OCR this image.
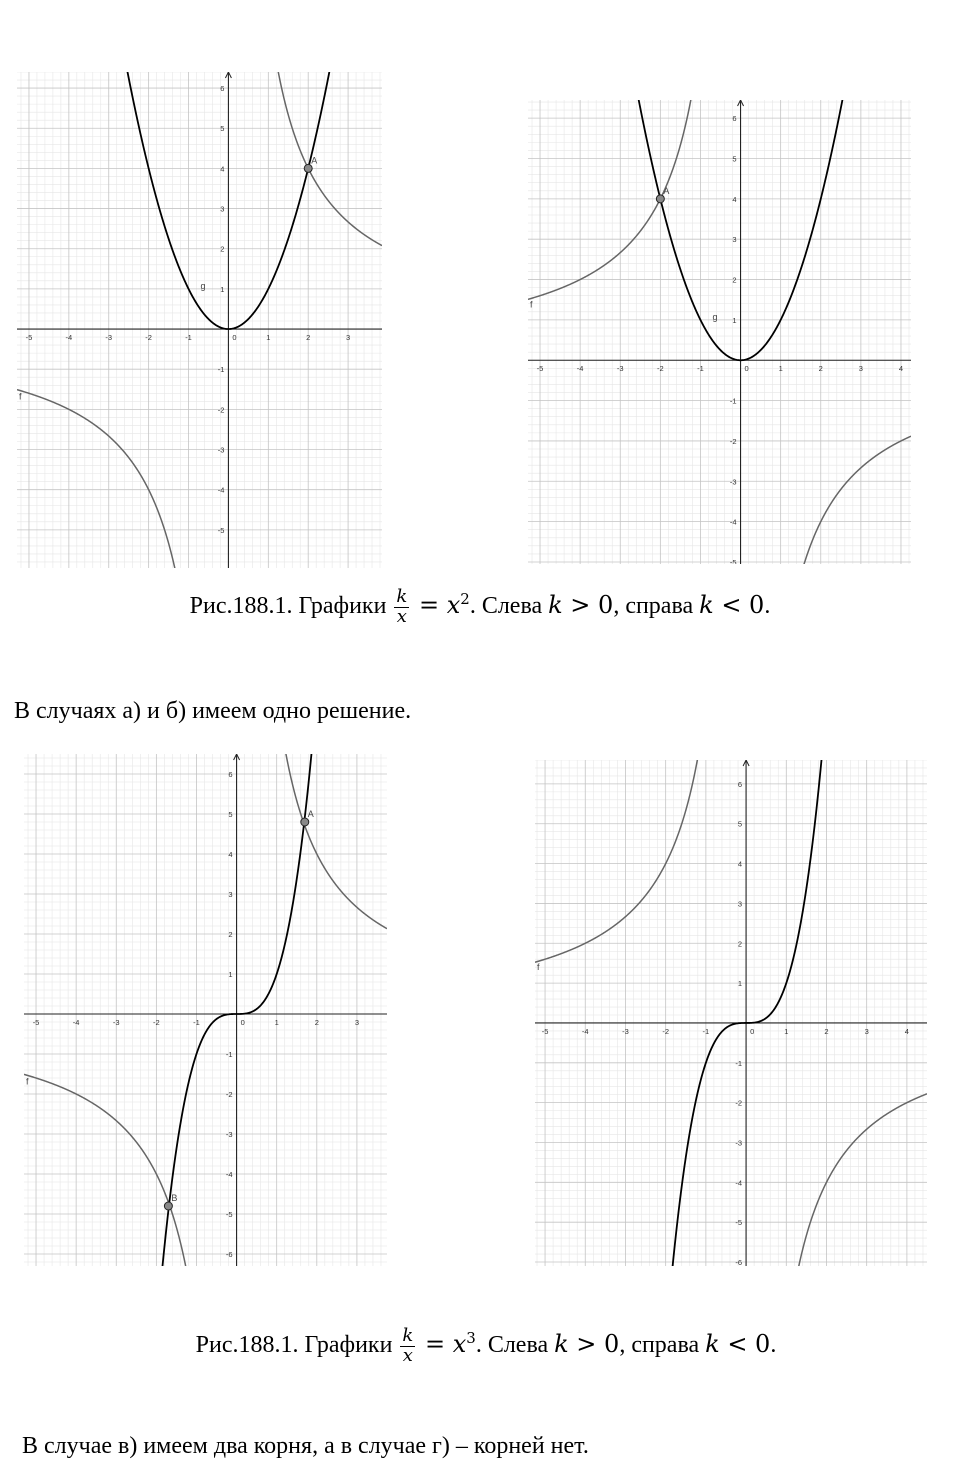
-5	-4	-3	-2	-1	0	1	2	3
-5
-4
-3
-2
-1
1
2
3
4
5
6
f
g
A
-5	-4	-3	-2	-1	0	1	2	3	4
-5
-4
-3
-2
-1
1
2
3
4
5
6
f
g
A
Рис.188.1. Графики $\frac{k}{x} = x^2$. Слева k > 0, справа k < 0.
В случаях а) и б) имеем одно решение.
-5	-4	-3	-2	-1	0	1	2	3
-6
-5
-4
-3
-2
-1
1
2
3
4
5
6
f
A
B
-5	-4	-3	-2	-1	0	1	2	3	4
-6
-5
-4
-3
-2
-1
1
2
3
4
5
6
f
Рис.188.1. Графики $\frac{k}{x} = x^3$. Слева k > 0, справа k < 0.
В случае в) имеем два корня, а в случае г) – корней нет.
